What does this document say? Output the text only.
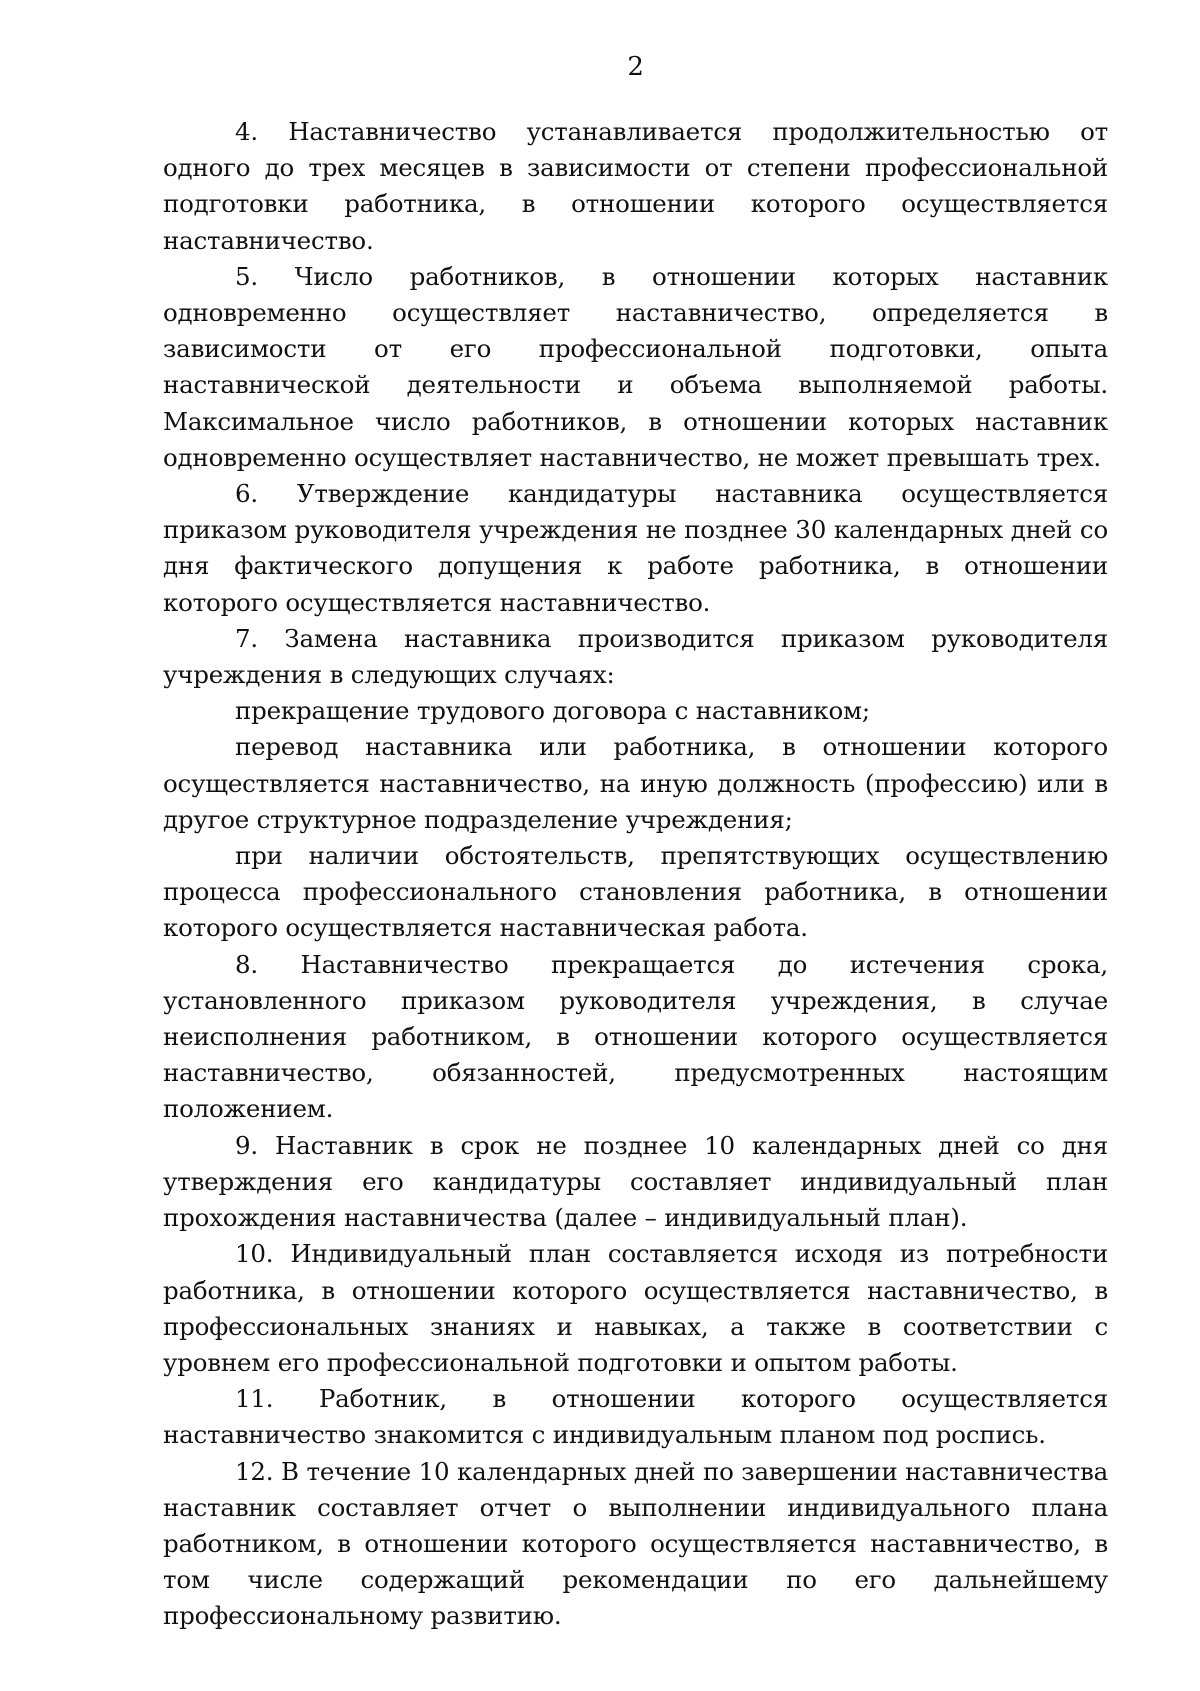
2

4. Наставничество устанавливается продолжительностью от одного до трех месяцев в зависимости от степени профессиональной подготовки работника, в отношении которого осуществляется наставничество.

5. Число работников, в отношении которых наставник одновременно осуществляет наставничество, определяется в зависимости от его профессиональной подготовки, опыта наставнической деятельности и объема выполняемой работы. Максимальное число работников, в отношении которых наставник одновременно осуществляет наставничество, не может превышать трех.

6. Утверждение кандидатуры наставника осуществляется приказом руководителя учреждения не позднее 30 календарных дней со дня фактического допущения к работе работника, в отношении которого осуществляется наставничество.

7. Замена наставника производится приказом руководителя учреждения в следующих случаях:

прекращение трудового договора с наставником;

перевод наставника или работника, в отношении которого осуществляется наставничество, на иную должность (профессию) или в другое структурное подразделение учреждения;

при наличии обстоятельств, препятствующих осуществлению процесса профессионального становления работника, в отношении которого осуществляется наставническая работа.

8. Наставничество прекращается до истечения срока, установленного приказом руководителя учреждения, в случае неисполнения работником, в отношении которого осуществляется наставничество, обязанностей, предусмотренных настоящим положением.

9. Наставник в срок не позднее 10 календарных дней со дня утверждения его кандидатуры составляет индивидуальный план прохождения наставничества (далее – индивидуальный план).

10. Индивидуальный план составляется исходя из потребности работника, в отношении которого осуществляется наставничество, в профессиональных знаниях и навыках, а также в соответствии с уровнем его профессиональной подготовки и опытом работы.

11. Работник, в отношении которого осуществляется наставничество знакомится с индивидуальным планом под роспись.

12. В течение 10 календарных дней по завершении наставничества наставник составляет отчет о выполнении индивидуального плана работником, в отношении которого осуществляется наставничество, в том числе содержащий рекомендации по его дальнейшему профессиональному развитию.
